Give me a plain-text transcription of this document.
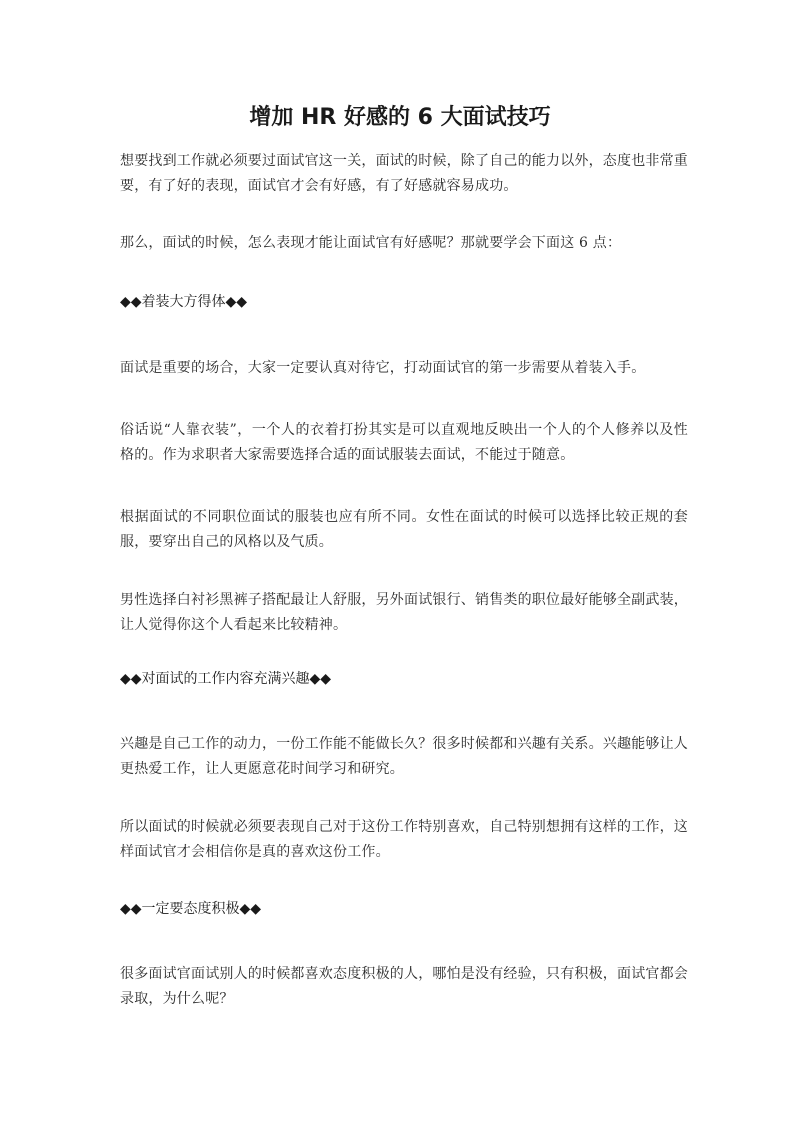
增加 HR 好感的 6 大面试技巧

想要找到工作就必须要过面试官这一关，面试的时候，除了自己的能力以外，态度也非常重要，有了好的表现，面试官才会有好感，有了好感就容易成功。

那么，面试的时候，怎么表现才能让面试官有好感呢？那就要学会下面这 6 点：

◆◆着装大方得体◆◆

面试是重要的场合，大家一定要认真对待它，打动面试官的第一步需要从着装入手。

俗话说“人靠衣装”，一个人的衣着打扮其实是可以直观地反映出一个人的个人修养以及性格的。作为求职者大家需要选择合适的面试服装去面试，不能过于随意。

根据面试的不同职位面试的服装也应有所不同。女性在面试的时候可以选择比较正规的套服，要穿出自己的风格以及气质。

男性选择白衬衫黑裤子搭配最让人舒服，另外面试银行、销售类的职位最好能够全副武装，让人觉得你这个人看起来比较精神。

◆◆对面试的工作内容充满兴趣◆◆

兴趣是自己工作的动力，一份工作能不能做长久？很多时候都和兴趣有关系。兴趣能够让人更热爱工作，让人更愿意花时间学习和研究。

所以面试的时候就必须要表现自己对于这份工作特别喜欢，自己特别想拥有这样的工作，这样面试官才会相信你是真的喜欢这份工作。

◆◆一定要态度积极◆◆

很多面试官面试别人的时候都喜欢态度积极的人，哪怕是没有经验，只有积极，面试官都会录取，为什么呢？
